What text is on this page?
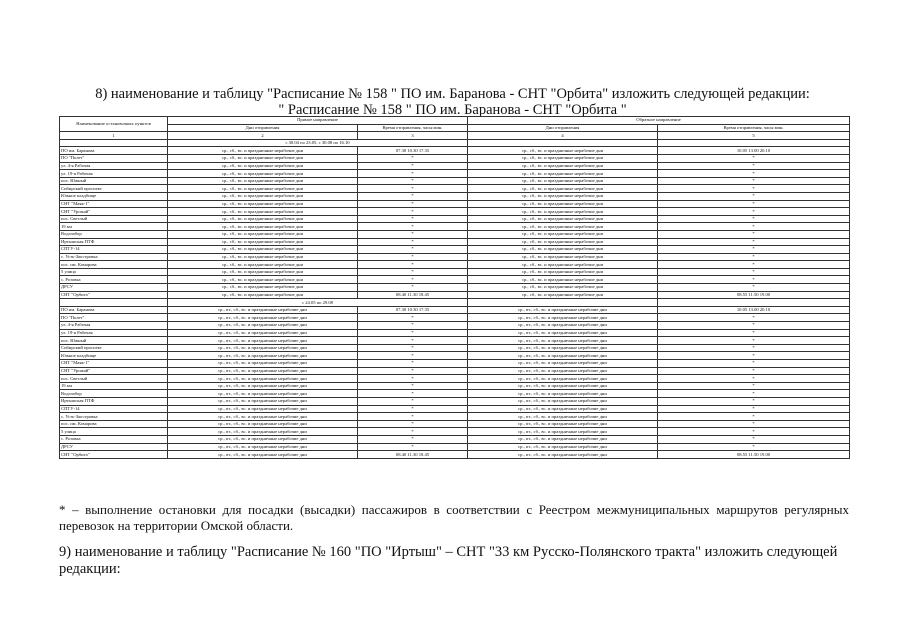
8) наименование и таблицу "Расписание № 158 " ПО им. Баранова - СНТ "Орбита" изложить следующей редакции:
" Расписание № 158 " ПО им. Баранова - СНТ "Орбита "
Наименование остановочных пунктов	Прямое направление		Обратное направление	
	Дни отправления	Время отправления, часы:мин.	Дни отправления	Время отправления, часы:мин.
1	2	3	4	5
	с 30.04 по 23.05, с 30.08 по 16.10			
ПО им. Баранова	ср., сб., вс. и праздничные нерабочие дни	07.30 10.30 17.35	ср., сб., вс. и праздничные нерабочие дни	10.05 13.00 20.10
ПО "Полет"	ср., сб., вс. и праздничные нерабочие дни	*	ср., сб., вс. и праздничные нерабочие дни	*
ул. 4-я Рабочая	ср., сб., вс. и праздничные нерабочие дни	*	ср., сб., вс. и праздничные нерабочие дни	*
ул. 19-я Рабочая	ср., сб., вс. и праздничные нерабочие дни	*	ср., сб., вс. и праздничные нерабочие дни	*
пос. Южный	ср., сб., вс. и праздничные нерабочие дни	*	ср., сб., вс. и праздничные нерабочие дни	*
Сибирский проспект	ср., сб., вс. и праздничные нерабочие дни	*	ср., сб., вс. и праздничные нерабочие дни	*
Южное кладбище	ср., сб., вс. и праздничные нерабочие дни	*	ср., сб., вс. и праздничные нерабочие дни	*
СНТ "Маяк-1"	ср., сб., вс. и праздничные нерабочие дни	*	ср., сб., вс. и праздничные нерабочие дни	*
СНТ "Урожай"	ср., сб., вс. и праздничные нерабочие дни	*	ср., сб., вс. и праздничные нерабочие дни	*
пос. Светлый	ср., сб., вс. и праздничные нерабочие дни	*	ср., сб., вс. и праздничные нерабочие дни	*
19 км	ср., сб., вс. и праздничные нерабочие дни	*	ср., сб., вс. и праздничные нерабочие дни	*
Водозабор	ср., сб., вс. и праздничные нерабочие дни	*	ср., сб., вс. и праздничные нерабочие дни	*
Иртышская ПТФ	ср., сб., вс. и праздничные нерабочие дни	*	ср., сб., вс. и праздничные нерабочие дни	*
СПТУ-14	ср., сб., вс. и праздничные нерабочие дни	*	ср., сб., вс. и праздничные нерабочие дни	*
с. Усть-Заостровка	ср., сб., вс. и праздничные нерабочие дни	*	ср., сб., вс. и праздничные нерабочие дни	*
пос. им. Комарова	ср., сб., вс. и праздничные нерабочие дни	*	ср., сб., вс. и праздничные нерабочие дни	*
5 улица	ср., сб., вс. и праздничные нерабочие дни	*	ср., сб., вс. и праздничные нерабочие дни	*
с. Розовка	ср., сб., вс. и праздничные нерабочие дни	*	ср., сб., вс. и праздничные нерабочие дни	*
ДРСУ	ср., сб., вс. и праздничные нерабочие дни	*	ср., сб., вс. и праздничные нерабочие дни	*
СНТ "Орбита"	ср., сб., вс. и праздничные нерабочие дни	08.40 11.30 18.45	ср., сб., вс. и праздничные нерабочие дни	08.55 11.50 19.00
	с 24.05 по 29.08			
ПО им. Баранова	ср., пт., сб., вс. и праздничные нерабочие дни	07.30 10.30 17.35	ср., пт., сб., вс. и праздничные нерабочие дни	10.05 13.00 20.10
ПО "Полет"	ср., пт., сб., вс. и праздничные нерабочие дни	*	ср., пт., сб., вс. и праздничные нерабочие дни	*
ул. 4-я Рабочая	ср., пт., сб., вс. и праздничные нерабочие дни	*	ср., пт., сб., вс. и праздничные нерабочие дни	*
ул. 19-я Рабочая	ср., пт., сб., вс. и праздничные нерабочие дни	*	ср., пт., сб., вс. и праздничные нерабочие дни	*
пос. Южный	ср., пт., сб., вс. и праздничные нерабочие дни	*	ср., пт., сб., вс. и праздничные нерабочие дни	*
Сибирский проспект	ср., пт., сб., вс. и праздничные нерабочие дни	*	ср., пт., сб., вс. и праздничные нерабочие дни	*
Южное кладбище	ср., пт., сб., вс. и праздничные нерабочие дни	*	ср., пт., сб., вс. и праздничные нерабочие дни	*
СНТ "Маяк-1"	ср., пт., сб., вс. и праздничные нерабочие дни	*	ср., пт., сб., вс. и праздничные нерабочие дни	*
СНТ "Урожай"	ср., пт., сб., вс. и праздничные нерабочие дни	*	ср., пт., сб., вс. и праздничные нерабочие дни	*
пос. Светлый	ср., пт., сб., вс. и праздничные нерабочие дни	*	ср., пт., сб., вс. и праздничные нерабочие дни	*
19 км	ср., пт., сб., вс. и праздничные нерабочие дни	*	ср., пт., сб., вс. и праздничные нерабочие дни	*
Водозабор	ср., пт., сб., вс. и праздничные нерабочие дни	*	ср., пт., сб., вс. и праздничные нерабочие дни	*
Иртышская ПТФ	ср., пт., сб., вс. и праздничные нерабочие дни	*	ср., пт., сб., вс. и праздничные нерабочие дни	*
СПТУ-14	ср., пт., сб., вс. и праздничные нерабочие дни	*	ср., пт., сб., вс. и праздничные нерабочие дни	*
с. Усть-Заостровка	ср., пт., сб., вс. и праздничные нерабочие дни	*	ср., пт., сб., вс. и праздничные нерабочие дни	*
пос. им. Комарова	ср., пт., сб., вс. и праздничные нерабочие дни	*	ср., пт., сб., вс. и праздничные нерабочие дни	*
5 улица	ср., пт., сб., вс. и праздничные нерабочие дни	*	ср., пт., сб., вс. и праздничные нерабочие дни	*
с. Розовка	ср., пт., сб., вс. и праздничные нерабочие дни	*	ср., пт., сб., вс. и праздничные нерабочие дни	*
ДРСУ	ср., пт., сб., вс. и праздничные нерабочие дни	*	ср., пт., сб., вс. и праздничные нерабочие дни	*
СНТ "Орбита"	ср., пт., сб., вс. и праздничные нерабочие дни	08.40 11.30 18.45	ср., пт., сб., вс. и праздничные нерабочие дни	08.55 11.50 19.00
* – выполнение остановки для посадки (высадки) пассажиров в соответствии с Реестром межмуниципальных маршрутов регулярных перевозок на территории Омской области.
9) наименование и таблицу "Расписание № 160 "ПО "Иртыш" – СНТ "33 км Русско-Полянского тракта" изложить следующей редакции:
